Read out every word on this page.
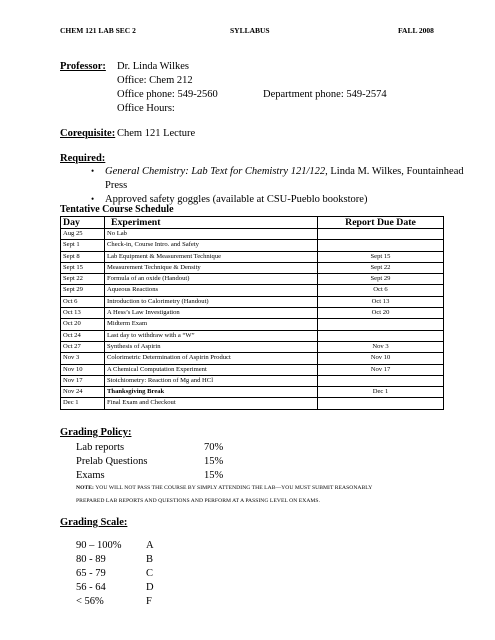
CHEM 121 LAB SEC 2	SYLLABUS	FALL 2008
Professor: Dr. Linda Wilkes
Office: Chem 212
Office phone: 549-2560	Department phone: 549-2574
Office Hours:
Corequisite: Chem 121 Lecture
Required:
• General Chemistry: Lab Text for Chemistry 121/122, Linda M. Wilkes, Fountainhead
Press
• Approved safety goggles (available at CSU-Pueblo bookstore)
Tentative Course Schedule
Day	Experiment	Report Due Date
Aug 25	No Lab	
Sept 1	Check-in, Course Intro. and Safety	
Sept 8	Lab Equipment & Measurement Technique	Sept 15
Sept 15	Measurement Technique & Density	Sept 22
Sept 22	Formula of an oxide (Handout)	Sept 29
Sept 29	Aqueous Reactions	Oct 6
Oct 6	Introduction to Calorimetry (Handout)	Oct 13
Oct 13	A Hess’s Law Investigation	Oct 20
Oct 20	Midterm Exam	
Oct 24	Last day to withdraw with a “W”	
Oct 27	Synthesis of Aspirin	Nov 3
Nov 3	Colorimetric Determination of Aspirin Product	Nov 10
Nov 10	A Chemical Computation Experiment	Nov 17
Nov 17	Stoichiometry: Reaction of Mg and HCl	
Nov 24	Thanksgiving Break	Dec 1
Dec 1	Final Exam and Checkout	
Grading Policy:
Lab reports	70%
Prelab Questions	15%
Exams	15%
NOTE: YOU WILL NOT PASS THE COURSE BY SIMPLY ATTENDING THE LAB—YOU MUST SUBMIT REASONABLY
PREPARED LAB REPORTS AND QUESTIONS AND PERFORM AT A PASSING LEVEL ON EXAMS.
Grading Scale:
90 – 100% A
80 - 89	B
65 - 79	C
56 - 64	D
< 56%	F
